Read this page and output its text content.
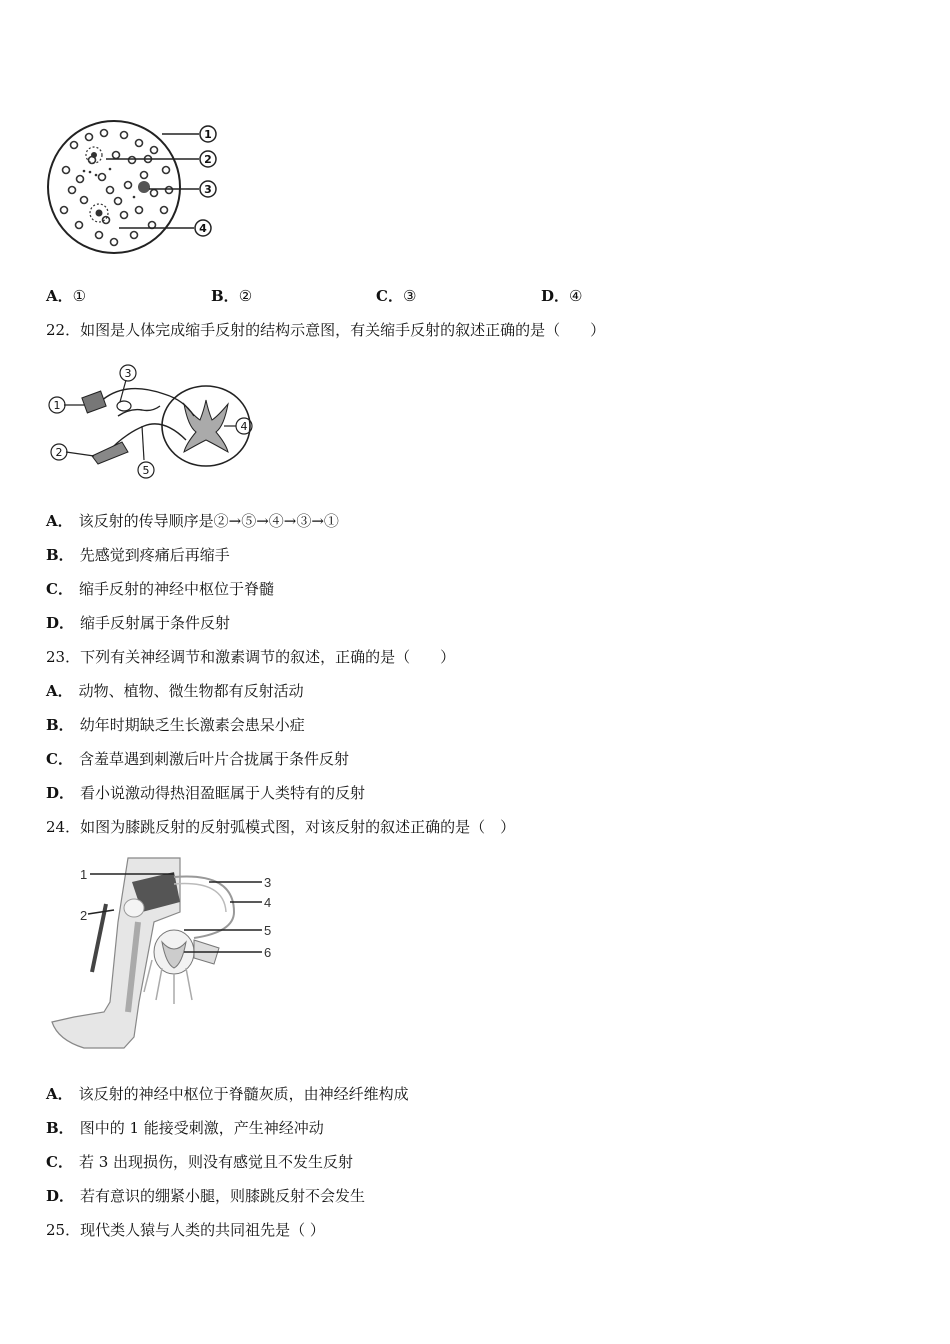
1
2
3
4
A．①	B．②	C．③	D．④
22．如图是人体完成缩手反射的结构示意图，有关缩手反射的叙述正确的是（　　）
1
2
3
4
5
A． 该反射的传导顺序是②→⑤→④→③→①
B． 先感觉到疼痛后再缩手
C． 缩手反射的神经中枢位于脊髓
D． 缩手反射属于条件反射
23．下列有关神经调节和激素调节的叙述，正确的是（　　）
A． 动物、植物、微生物都有反射活动
B． 幼年时期缺乏生长激素会患呆小症
C． 含羞草遇到刺激后叶片合拢属于条件反射
D． 看小说激动得热泪盈眶属于人类特有的反射
24．如图为膝跳反射的反射弧模式图，对该反射的叙述正确的是（　）
1
2
3
4
5
6
A． 该反射的神经中枢位于脊髓灰质，由神经纤维构成
B． 图中的 1 能接受刺激，产生神经冲动
C． 若 3 出现损伤，则没有感觉且不发生反射
D． 若有意识的绷紧小腿，则膝跳反射不会发生
25．现代类人猿与人类的共同祖先是（ ）
